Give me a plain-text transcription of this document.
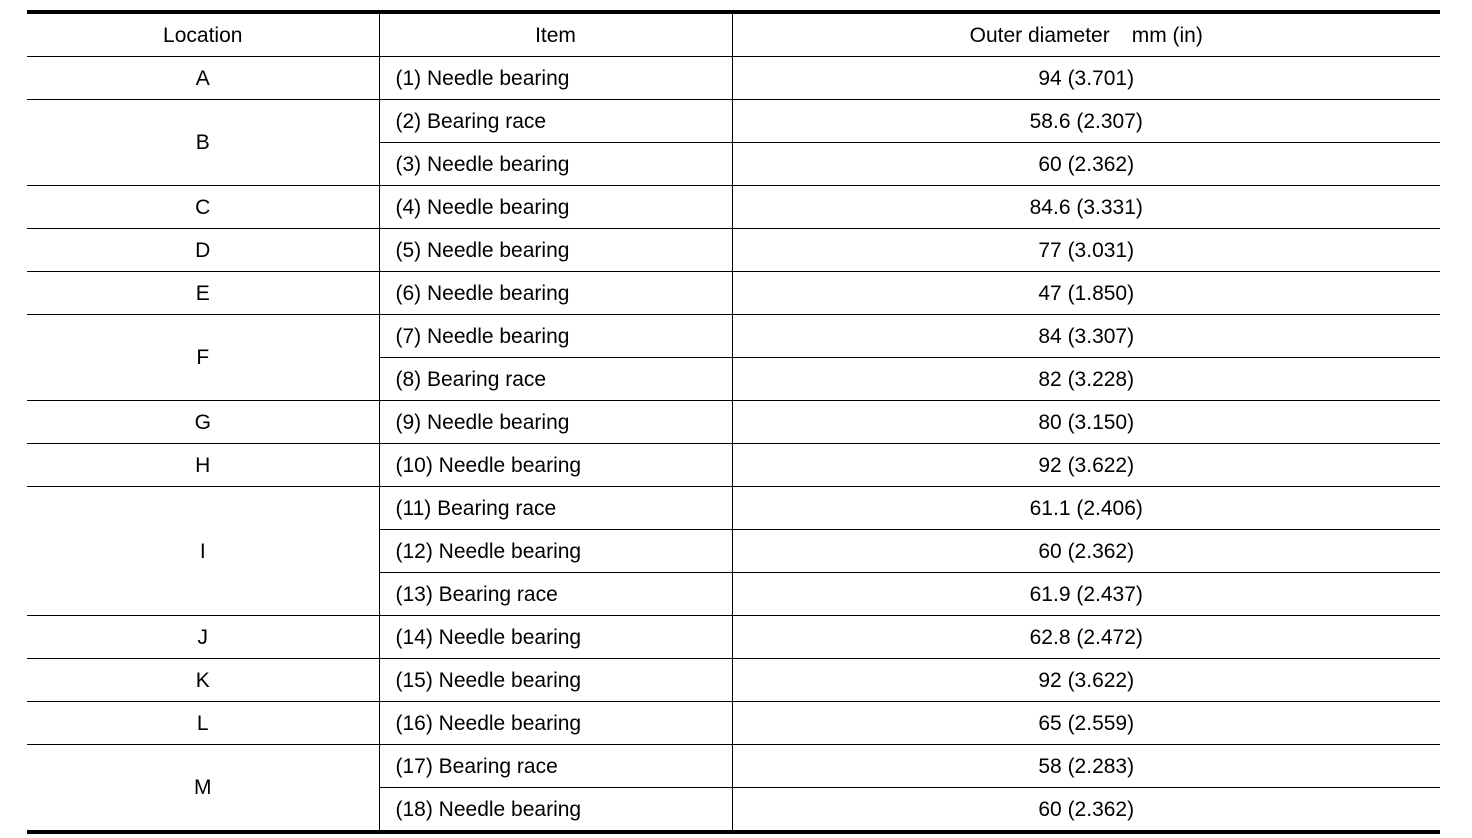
Location	Item	Outer diameter mm (in)
A	(1) Needle bearing	94 (3.701)
B	(2) Bearing race	58.6 (2.307)
	(3) Needle bearing	60 (2.362)
C	(4) Needle bearing	84.6 (3.331)
D	(5) Needle bearing	77 (3.031)
E	(6) Needle bearing	47 (1.850)
F	(7) Needle bearing	84 (3.307)
	(8) Bearing race	82 (3.228)
G	(9) Needle bearing	80 (3.150)
H	(10) Needle bearing	92 (3.622)
I	(11) Bearing race	61.1 (2.406)
	(12) Needle bearing	60 (2.362)
	(13) Bearing race	61.9 (2.437)
J	(14) Needle bearing	62.8 (2.472)
K	(15) Needle bearing	92 (3.622)
L	(16) Needle bearing	65 (2.559)
M	(17) Bearing race	58 (2.283)
	(18) Needle bearing	60 (2.362)
